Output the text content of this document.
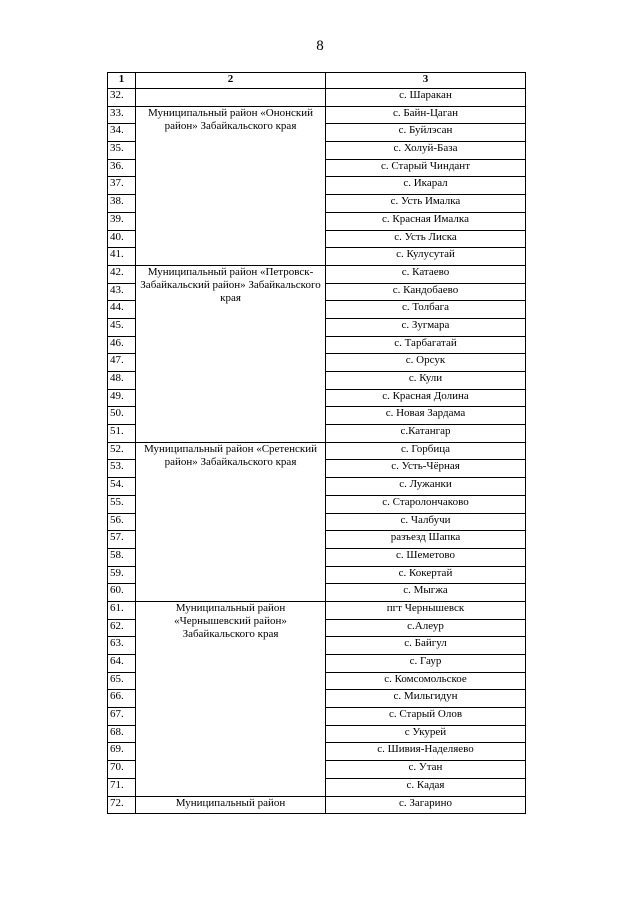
8
1	2	3
32.		с. Шаракан
33.	Муниципальный район «Ононский район» Забайкальского края	с. Байн-Цаган
34.		с. Буйлэсан
35.		с. Холуй-База
36.		с. Старый Чиндант
37.		с. Икарал
38.		с. Усть Ималка
39.		с. Красная Ималка
40.		с. Усть Лиска
41.		с. Кулусутай
42.	Муниципальный район «Петровск-Забайкальский район» Забайкальского края	с. Катаево
43.		с. Кандобаево
44.		с. Толбага
45.		с. Зугмара
46.		с. Тарбагатай
47.		с. Орсук
48.		с. Кули
49.		с. Красная Долина
50.		с. Новая Зардама
51.		с.Катангар
52.	Муниципальный район «Сретенский район» Забайкальского края	с. Горбица
53.		с. Усть-Чёрная
54.		с. Лужанки
55.		с. Старолончаково
56.		с. Чалбучи
57.		разъезд Шапка
58.		с. Шеметово
59.		с. Кокертай
60.		с. Мыгжа
61.	Муниципальный район «Чернышевский район» Забайкальского края	пгт Чернышевск
62.		с.Алеур
63.		с. Байгул
64.		с. Гаур
65.		с. Комсомольское
66.		с. Мильгидун
67.		с. Старый Олов
68.		с Укурей
69.		с. Шивия-Наделяево
70.		с. Утан
71.		с. Кадая
72.	Муниципальный район	с. Загарино
